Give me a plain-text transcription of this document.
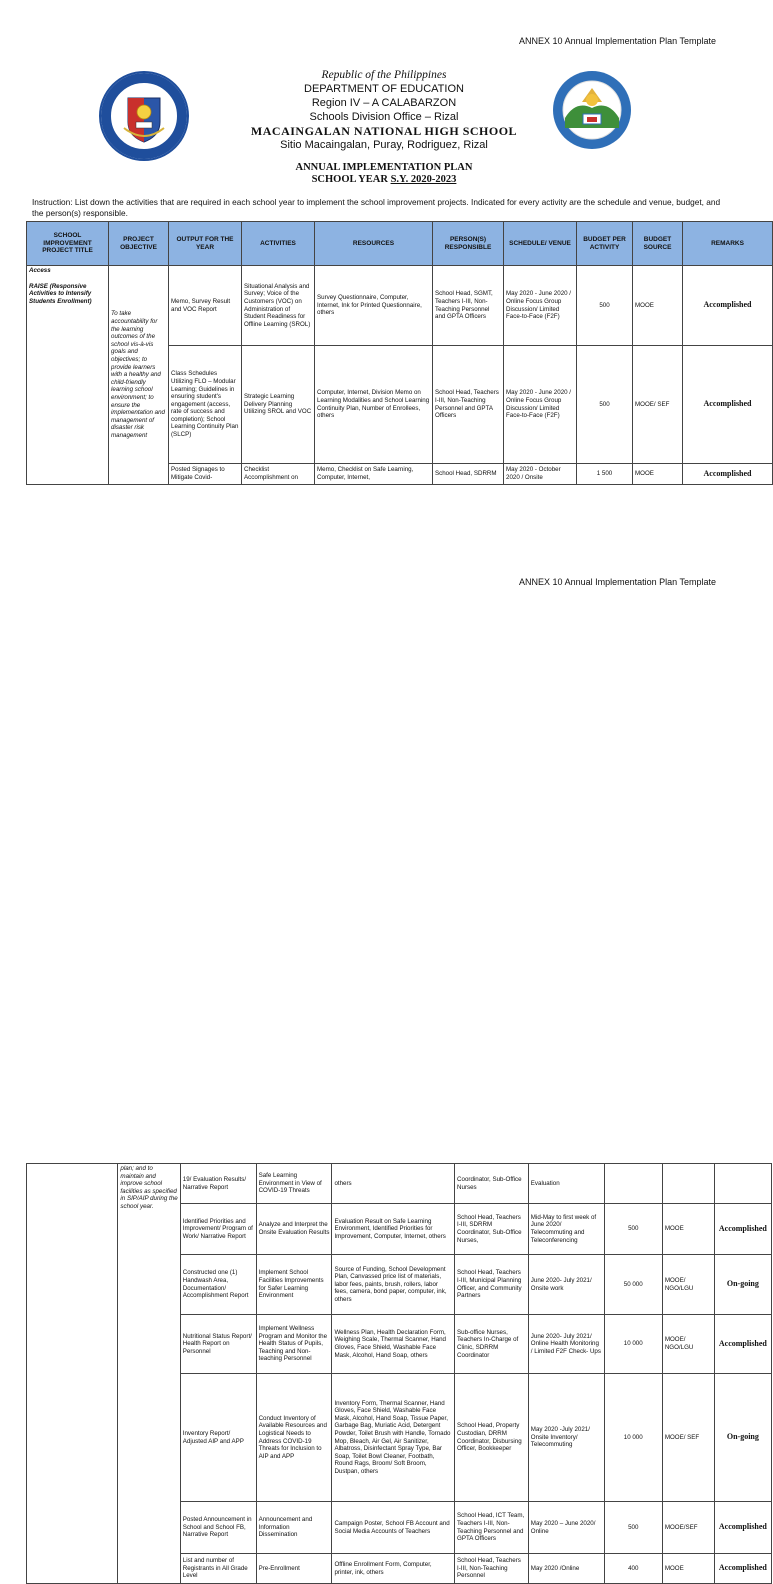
ANNEX 10 Annual Implementation Plan Template
Republic of the Philippines
DEPARTMENT OF EDUCATION
Region IV – A CALABARZON
Schools Division Office – Rizal
MACAINGALAN NATIONAL HIGH SCHOOL
Sitio Macaingalan, Puray, Rodriguez, Rizal
ANNUAL IMPLEMENTATION PLAN
SCHOOL YEAR S.Y. 2020-2023
Instruction: List down the activities that are required in each school year to implement the school improvement projects. Indicated for every activity are the schedule and venue, budget, and the person(s) responsible.
SCHOOL IMPROVEMENT PROJECT TITLE	PROJECT OBJECTIVE	OUTPUT FOR THE YEAR	ACTIVITIES	RESOURCES	PERSON(S) RESPONSIBLE	SCHEDULE/ VENUE	BUDGET PER ACTIVITY	BUDGET SOURCE	REMARKS

Access
RAISE (Responsive Activities to Intensify Students Enrollment)	To take accountability for the learning outcomes of the school vis-à-vis goals and objectives; to provide learners with a healthy and child-friendly learning school environment; to ensure the implementation and management of disaster risk management	Memo, Survey Result and VOC Report	Situational Analysis and Survey; Voice of the Customers (VOC) on Administration of Student Readiness for Offline Learning (SROL)	Survey Questionnaire, Computer, Internet, Ink for Printed Questionnaire, others	School Head, SGMT, Teachers I-III, Non-Teaching Personnel and GPTA Officers	May 2020 - June 2020 / Online Focus Group Discussion/ Limited Face-to-Face (F2F)	500	MOOE	Accomplished
		Class Schedules Utilizing FLO – Modular Learning; Guidelines in ensuring student's engagement (access, rate of success and completion); School Learning Continuity Plan (SLCP)	Strategic Learning Delivery Planning Utilizing SROL and VOC	Computer, Internet, Division Memo on Learning Modalities and School Learning Continuity Plan, Number of Enrollees, others	School Head, Teachers I-III, Non-Teaching Personnel and GPTA Officers	May 2020 - June 2020 / Online Focus Group Discussion/ Limited Face-to-Face (F2F)	500	MOOE/ SEF	Accomplished
		Posted Signages to Mitigate Covid-	Checklist Accomplishment on	Memo, Checklist on Safe Learning, Computer, Internet,	School Head, SDRRM	May 2020 - October 2020 / Onsite	1 500	MOOE	Accomplished
ANNEX 10 Annual Implementation Plan Template
	plan; and to maintain and improve school facilities as specified in SIP/AIP during the school year.	19/ Evaluation Results/ Narrative Report	Safe Learning Environment in View of COVID-19 Threats	others	Coordinator, Sub-Office Nurses	Evaluation			
		Identified Priorities and Improvement/ Program of Work/ Narrative Report	Analyze and Interpret the Onsite Evaluation Results	Evaluation Result on Safe Learning Environment, Identified Priorities for Improvement, Computer, Internet, others	School Head, Teachers I-III, SDRRM Coordinator, Sub-Office Nurses,	Mid-May to first week of June 2020/ Telecommuting and Teleconferencing	500	MOOE	Accomplished
		Constructed one (1) Handwash Area, Documentation/ Accomplishment Report	Implement School Facilities Improvements for Safer Learning Environment	Source of Funding, School Development Plan, Canvassed price list of materials, labor fees, paints, brush, rollers, labor fees, camera, bond paper, computer, ink, others	School Head, Teachers I-III, Municipal Planning Officer, and Community Partners	June 2020- July 2021/ Onsite work	50 000	MOOE/ NGO/LGU	On-going
		Nutritional Status Report/ Health Report on Personnel	Implement Wellness Program and Monitor the Health Status of Pupils, Teaching and Non-teaching Personnel	Wellness Plan, Health Declaration Form, Weighing Scale, Thermal Scanner, Hand Gloves, Face Shield, Washable Face Mask, Alcohol, Hand Soap, others	Sub-office Nurses, Teachers In-Charge of Clinic, SDRRM Coordinator	June 2020- July 2021/ Online Health Monitoring / Limited F2F Check- Ups	10 000	MOOE/ NGO/LGU	Accomplished
		Inventory Report/ Adjusted AIP and APP	Conduct Inventory of Available Resources and Logistical Needs to Address COVID-19 Threats for Inclusion to AIP and APP	Inventory Form, Thermal Scanner, Hand Gloves, Face Shield, Washable Face Mask, Alcohol, Hand Soap, Tissue Paper, Garbage Bag, Muriatic Acid, Detergent Powder, Toilet Brush with Handle, Tornado Mop, Bleach, Air Gel, Air Sanitizer, Albatross, Disinfectant Spray Type, Bar Soap, Toilet Bowl Cleaner, Footbath, Round Rags, Broom/ Soft Broom, Dustpan, others	School Head, Property Custodian, DRRM Coordinator, Disbursing Officer, Bookkeeper	May 2020 -July 2021/ Onsite Inventory/ Telecommuting	10 000	MOOE/ SEF	On-going
		Posted Announcement in School and School FB, Narrative Report	Announcement and Information Dissemination	Campaign Poster, School FB Account and Social Media Accounts of Teachers	School Head, ICT Team, Teachers I-III, Non-Teaching Personnel and GPTA Officers	May 2020 – June 2020/ Online	500	MOOE/SEF	Accomplished
		List and number of Registrants in All Grade Level	Pre-Enrollment	Offline Enrollment Form, Computer, printer, ink, others	School Head, Teachers I-III, Non-Teaching Personnel	May 2020 /Online	400	MOOE	Accomplished
